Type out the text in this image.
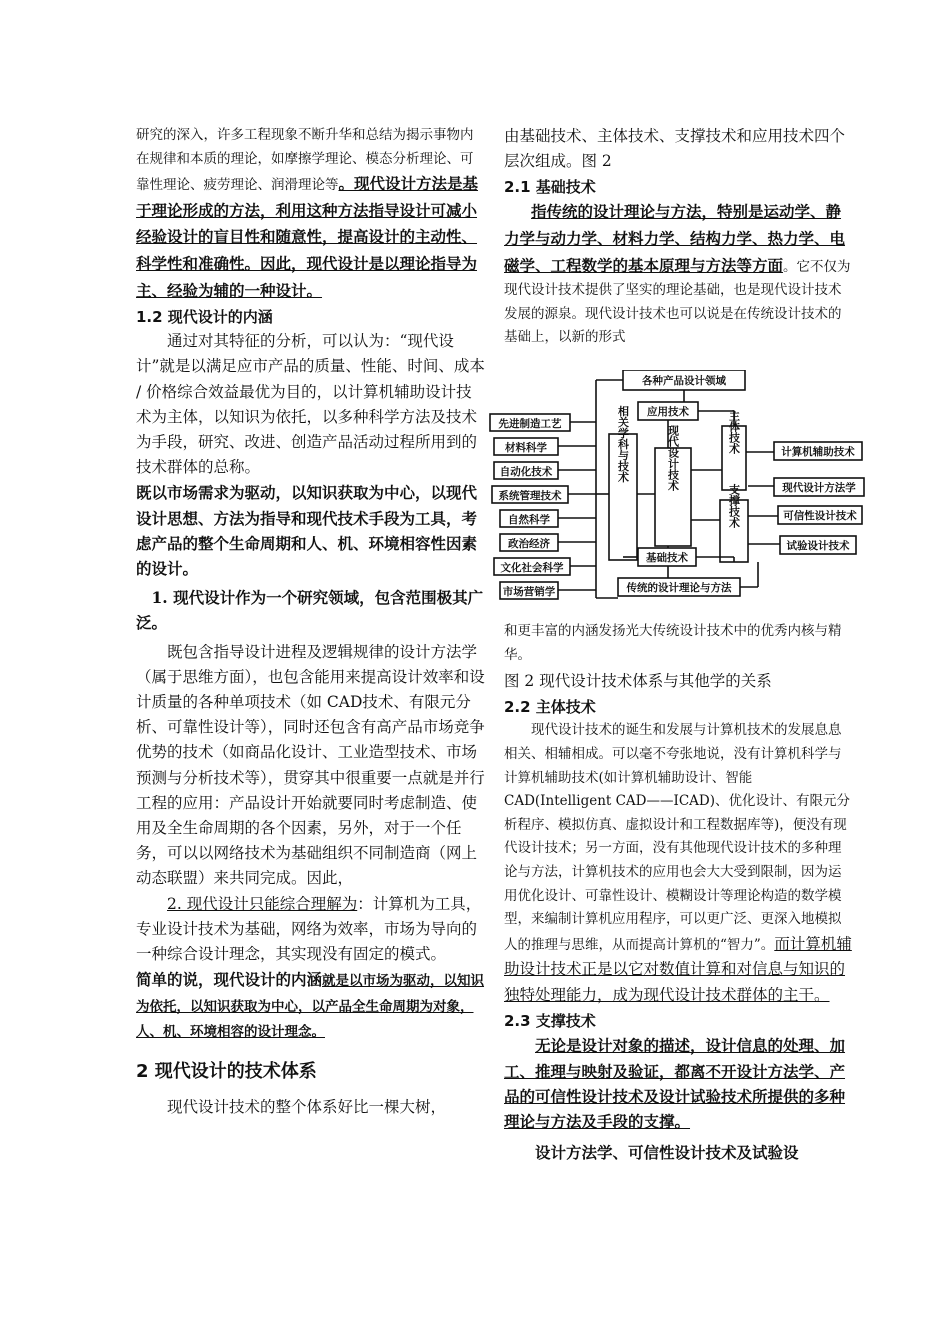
研究的深入，许多工程现象不断升华和总结为揭示事物内在规律和本质的理论，如摩擦学理论、模态分析理论、可靠性理论、疲劳理论、润滑理论等。现代设计方法是基于理论形成的方法，利用这种方法指导设计可减小经验设计的盲目性和随意性，提高设计的主动性、科学性和准确性。因此，现代设计是以理论指导为主、经验为辅的一种设计。

1.2 现代设计的内涵

通过对其特征的分析，可以认为：“现代设计”就是以满足应市产品的质量、性能、时间、成本 / 价格综合效益最优为目的，以计算机辅助设计技术为主体，以知识为依托，以多种科学方法及技术为手段，研究、改进、创造产品活动过程所用到的技术群体的总称。

既以市场需求为驱动，以知识获取为中心，以现代设计思想、方法为指导和现代技术手段为工具，考虑产品的整个生命周期和人、机、环境相容性因素的设计。

1. 现代设计作为一个研究领域，包含范围极其广泛。

既包含指导设计进程及逻辑规律的设计方法学（属于思维方面），也包含能用来提高设计效率和设计质量的各种单项技术（如 CAD技术、有限元分析、可靠性设计等），同时还包含有高产品市场竞争优势的技术（如商品化设计、工业造型技术、市场预测与分析技术等），贯穿其中很重要一点就是并行工程的应用：产品设计开始就要同时考虑制造、使用及全生命周期的各个因素，另外，对于一个任务，可以以网络技术为基础组织不同制造商（网上动态联盟）来共同完成。因此，

2. 现代设计只能综合理解为：计算机为工具，专业设计技术为基础，网络为效率，市场为导向的一种综合设计理念，其实现没有固定的模式。

简单的说，现代设计的内涵就是以市场为驱动，以知识为依托，以知识获取为中心，以产品全生命周期为对象，人、机、环境相容的设计理念。

2 现代设计的技术体系

现代设计技术的整个体系好比一棵大树，

由基础技术、主体技术、支撑技术和应用技术四个层次组成。图 2

2.1 基础技术

指传统的设计理论与方法，特别是运动学、静力学与动力学、材料力学、结构力学、热力学、电磁学、工程数学的基本原理与方法等方面。它不仅为现代设计技术提供了坚实的理论基础，也是现代设计技术发展的源泉。现代设计技术也可以说是在传统设计技术的基础上，以新的形式

各种产品设计领域
应用技术
先进制造工艺
材料科学
自动化技术
系统管理技术
自然科学
政治经济
文化社会科学
市场营销学
相关学科与技术	现代设计技术	主体技术
支撑技术
计算机辅助技术
现代设计方法学
可信性设计技术
试验设计技术
基础技术
传统的设计理论与方法

和更丰富的内涵发扬光大传统设计技术中的优秀内核与精华。

图 2 现代设计技术体系与其他学的关系

2.2 主体技术

现代设计技术的诞生和发展与计算机技术的发展息息相关、相辅相成。可以毫不夸张地说，没有计算机科学与计算机辅助技术(如计算机辅助设计、智能CAD(Intelligent CAD——ICAD)、优化设计、有限元分析程序、模拟仿真、虚拟设计和工程数据库等)，便没有现代设计技术；另一方面，没有其他现代设计技术的多种理论与方法，计算机技术的应用也会大大受到限制，因为运用优化设计、可靠性设计、模糊设计等理论构造的数学模型，来编制计算机应用程序，可以更广泛、更深入地模拟人的推理与思维，从而提高计算机的“智力”。而计算机辅助设计技术正是以它对数值计算和对信息与知识的独特处理能力，成为现代设计技术群体的主干。

2.3 支撑技术

无论是设计对象的描述，设计信息的处理、加工、推理与映射及验证，都离不开设计方法学、产品的可信性设计技术及设计试验技术所提供的多种理论与方法及手段的支撑。

设计方法学、可信性设计技术及试验设
